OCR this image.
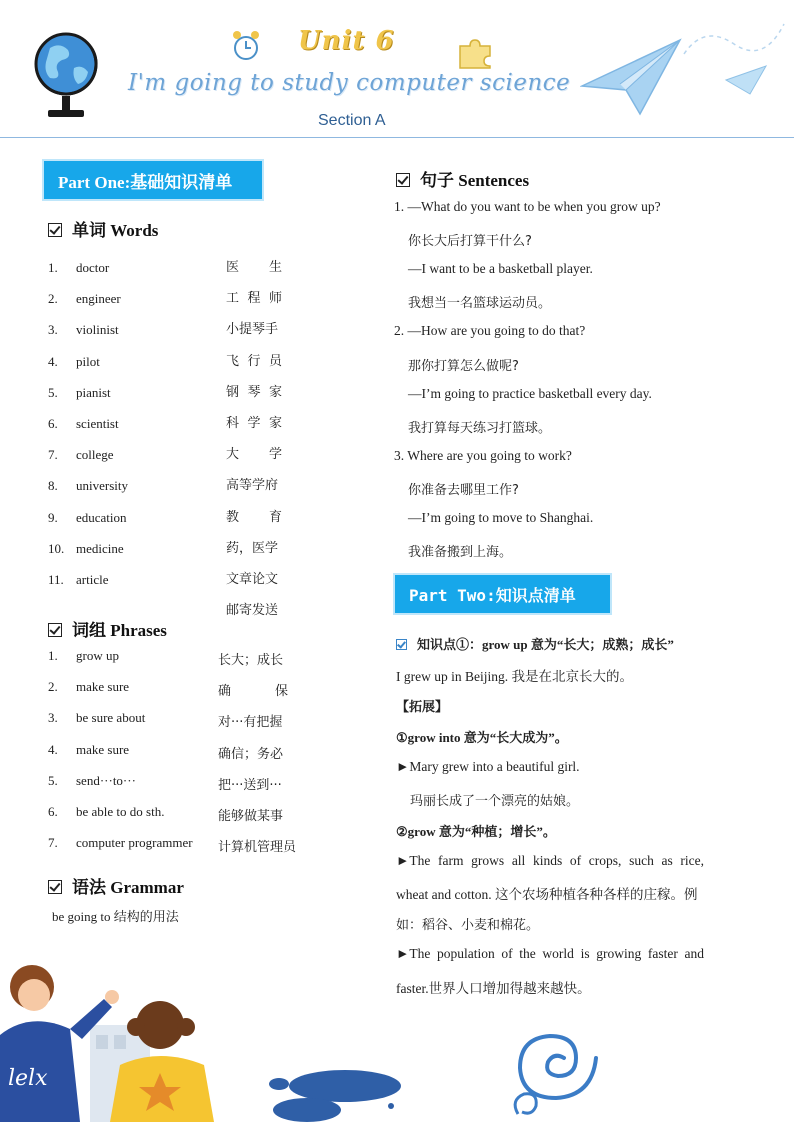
Unit 6
I'm going to study computer science
Section A
Part One:基础知识清单
单词 Words
1. doctor	医生
2. engineer	工程师
3. violinist	小提琴手
4. pilot	飞行员
5. pianist	钢琴家
6. scientist	科学家
7. college	大学
8. university	高等学府
9. education	教育
10. medicine	药，医学
11. article	文章论文
邮寄发送
词组 Phrases
1. grow up	长大；成长
2. make sure	确保
3. be sure about	对···有把握
4. make sure	确信；务必
5. send···to···	把···送到···
6. be able to do sth.	能够做某事
7. computer programmer 计算机管理员
语法 Grammar
be going to 结构的用法
句子 Sentences
1. —What do you want to be when you grow up?
你长大后打算干什么?
—I want to be a basketball player.
我想当一名篮球运动员。
2. —How are you going to do that?
那你打算怎么做呢?
—I’m going to practice basketball every day.
我打算每天练习打篮球。
3. Where are you going to work?
你准备去哪里工作?
—I’m going to move to Shanghai.
我准备搬到上海。
Part Two:知识点清单
知识点①：grow up 意为“长大；成熟；成长”
I grew up in Beijing. 我是在北京长大的。
【拓展】
①grow into 意为“长大成为”。
►Mary grew into a beautiful girl.
玛丽长成了一个漂亮的姑娘。
②grow 意为“种植；增长”。
►The farm grows all kinds of crops, such as rice,
wheat and cotton. 这个农场种植各种各样的庄稼。例
如：稻谷、小麦和棉花。
►The population of the world is growing faster and
faster.世界人口增加得越来越快。
lelx
